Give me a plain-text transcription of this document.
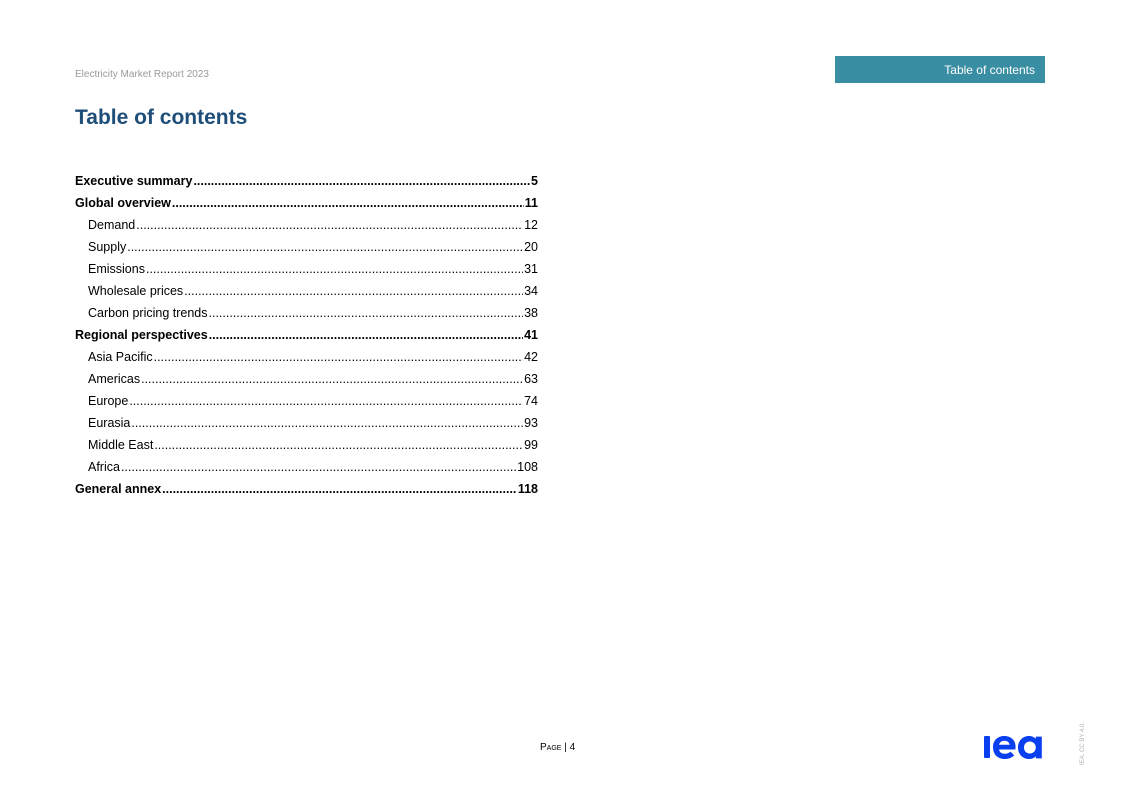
Electricity Market Report 2023	Table of contents
Table of contents
Executive summary .....	5
Global overview .....	11
Demand .....	12
Supply .....	20
Emissions .....	31
Wholesale prices .....	34
Carbon pricing trends .....	38
Regional perspectives .....	41
Asia Pacific .....	42
Americas .....	63
Europe .....	74
Eurasia .....	93
Middle East .....	99
Africa .....	108
General annex .....	118
Page | 4	IEA. CC BY 4.0.
